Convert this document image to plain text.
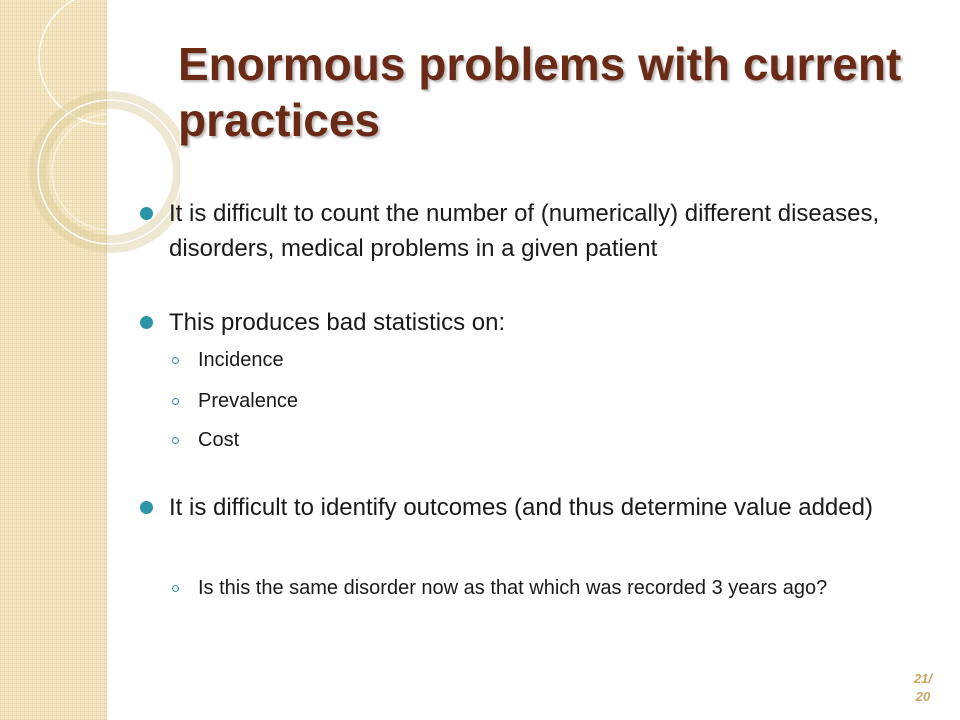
Enormous problems with current practices
It is difficult to count the number of (numerically) different diseases, disorders, medical problems in a given patient
This produces bad statistics on:
Incidence
Prevalence
Cost
It is difficult to identify outcomes (and thus determine value added)
Is this the same disorder now as that which was recorded 3 years ago?
21/ 20
